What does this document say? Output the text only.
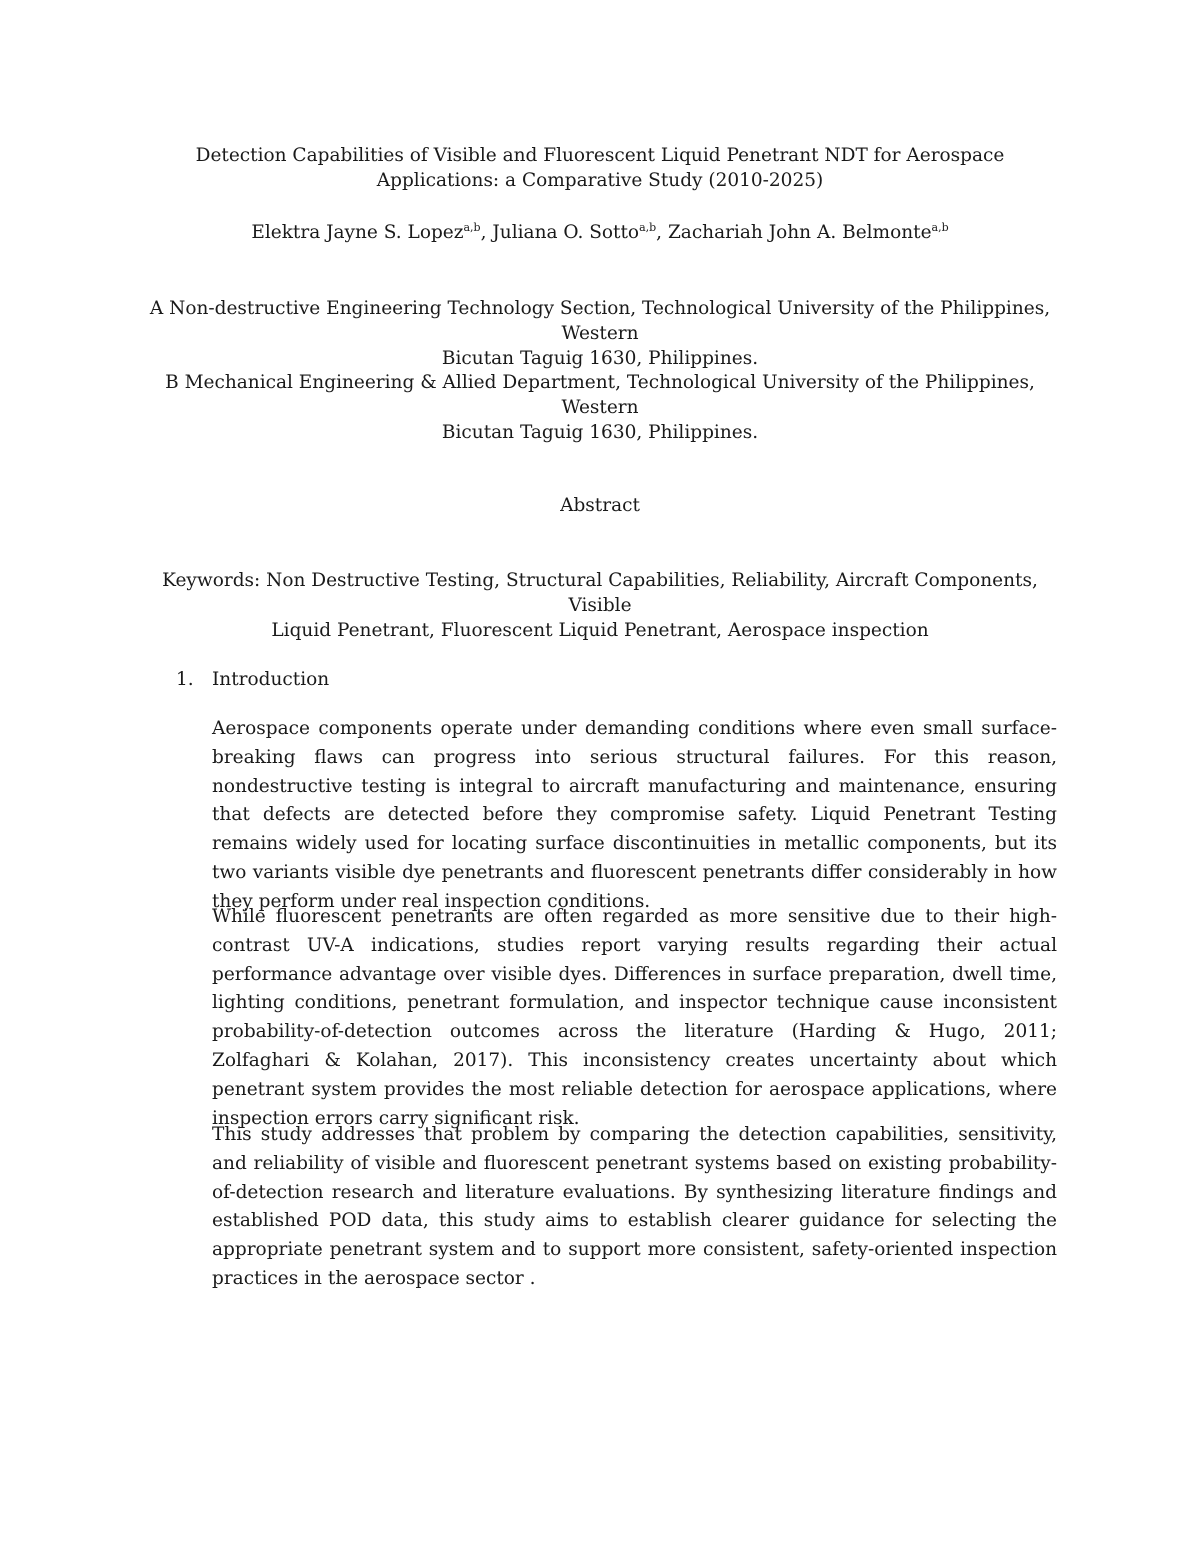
Detection Capabilities of Visible and Fluorescent Liquid Penetrant NDT for Aerospace
Applications: a Comparative Study (2010-2025)
Elektra Jayne S. Lopez$^{a,b}$, Juliana O. Sotto$^{a,b}$, Zachariah John A. Belmonte$^{a,b}$
A Non-destructive Engineering Technology Section, Technological University of the Philippines, Western
Bicutan Taguig 1630, Philippines.
B Mechanical Engineering & Allied Department, Technological University of the Philippines, Western
Bicutan Taguig 1630, Philippines.
Abstract
Keywords: Non Destructive Testing, Structural Capabilities, Reliability, Aircraft Components, Visible
Liquid Penetrant, Fluorescent Liquid Penetrant, Aerospace inspection
1. Introduction
Aerospace components operate under demanding conditions where even small surface-breaking flaws can progress into serious structural failures. For this reason, nondestructive testing is integral to aircraft manufacturing and maintenance, ensuring that defects are detected before they compromise safety. Liquid Penetrant Testing remains widely used for locating surface discontinuities in metallic components, but its two variants visible dye penetrants and fluorescent penetrants differ considerably in how they perform under real inspection conditions.
While fluorescent penetrants are often regarded as more sensitive due to their high-contrast UV-A indications, studies report varying results regarding their actual performance advantage over visible dyes. Differences in surface preparation, dwell time, lighting conditions, penetrant formulation, and inspector technique cause inconsistent probability-of-detection outcomes across the literature (Harding & Hugo, 2011; Zolfaghari & Kolahan, 2017). This inconsistency creates uncertainty about which penetrant system provides the most reliable detection for aerospace applications, where inspection errors carry significant risk.
This study addresses that problem by comparing the detection capabilities, sensitivity, and reliability of visible and fluorescent penetrant systems based on existing probability-of-detection research and literature evaluations. By synthesizing literature findings and established POD data, this study aims to establish clearer guidance for selecting the appropriate penetrant system and to support more consistent, safety-oriented inspection practices in the aerospace sector .
